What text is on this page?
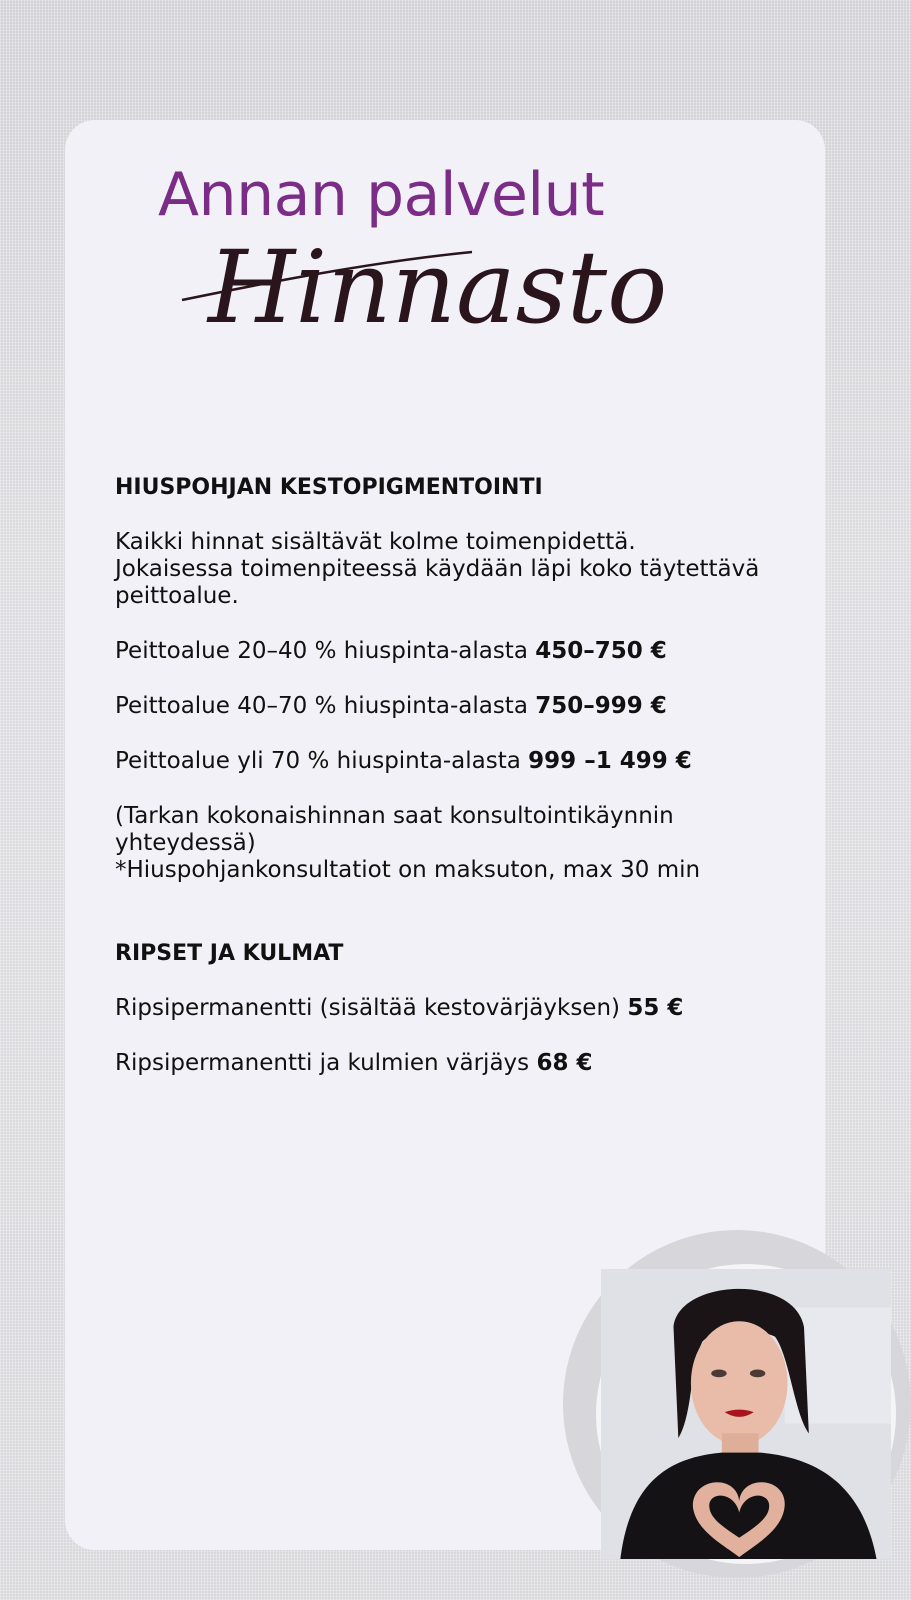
Annan palvelut
Hinnasto
HIUSPOHJAN KESTOPIGMENTOINTI
Kaikki hinnat sisältävät kolme toimenpidettä.
Jokaisessa toimenpiteessä käydään läpi koko täytettävä peittoalue.
Peittoalue 20–40 % hiuspinta-alasta 450–750 €
Peittoalue 40–70 % hiuspinta-alasta 750–999 €
Peittoalue yli 70 % hiuspinta-alasta 999 –1 499 €
(Tarkan kokonaishinnan saat konsultointikäynnin yhteydessä)
*Hiuspohjankonsultatiot on maksuton, max 30 min
RIPSET JA KULMAT
Ripsipermanentti (sisältää kestovärjäyksen) 55 €
Ripsipermanentti ja kulmien värjäys 68 €
